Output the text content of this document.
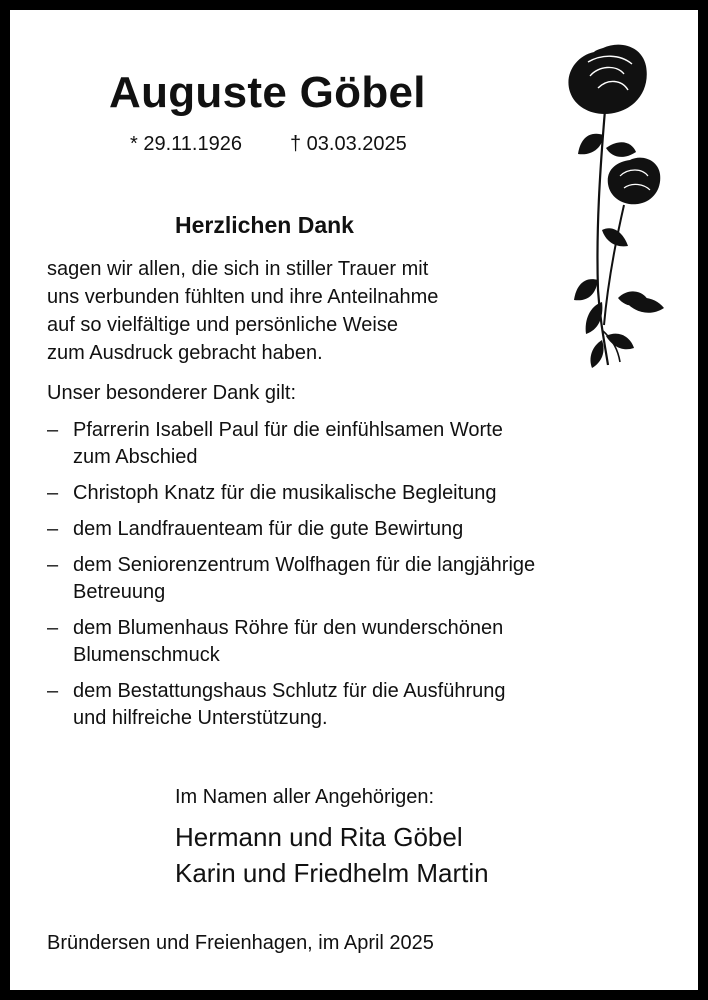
Auguste Göbel
* 29.11.1926 † 03.03.2025
Herzlichen Dank
sagen wir allen, die sich in stiller Trauer mit
uns verbunden fühlten und ihre Anteilnahme
auf so vielfältige und persönliche Weise
zum Ausdruck gebracht haben.
Unser besonderer Dank gilt:
– Pfarrerin Isabell Paul für die einfühlsamen Worte
zum Abschied
– Christoph Knatz für die musikalische Begleitung
– dem Landfrauenteam für die gute Bewirtung
– dem Seniorenzentrum Wolfhagen für die langjährige
Betreuung
– dem Blumenhaus Röhre für den wunderschönen
Blumenschmuck
– dem Bestattungshaus Schlutz für die Ausführung
und hilfreiche Unterstützung.
Im Namen aller Angehörigen:
Hermann und Rita Göbel
Karin und Friedhelm Martin
Bründersen und Freienhagen, im April 2025
